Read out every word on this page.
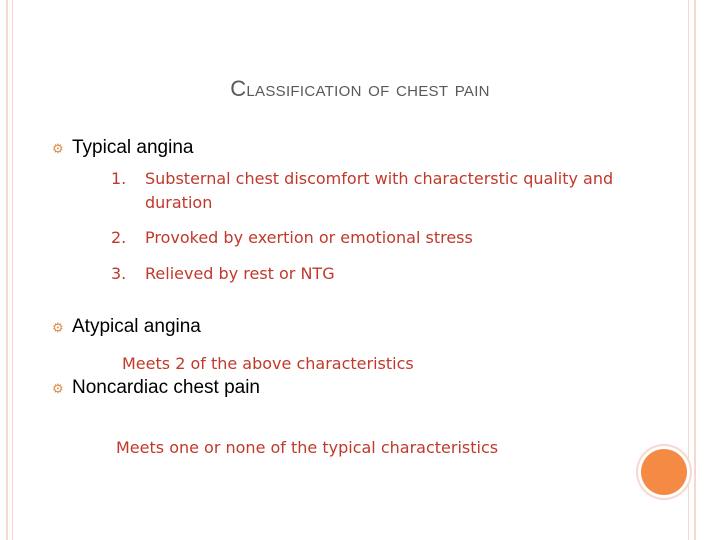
Classification of chest pain
⚙
Typical angina
1.	Substernal chest discomfort with characterstic quality and duration
2.	Provoked by exertion or emotional stress
3.	Relieved by rest or NTG
⚙
Atypical angina
Meets 2 of the above characteristics
⚙
Noncardiac chest pain
Meets one or none of the typical characteristics
